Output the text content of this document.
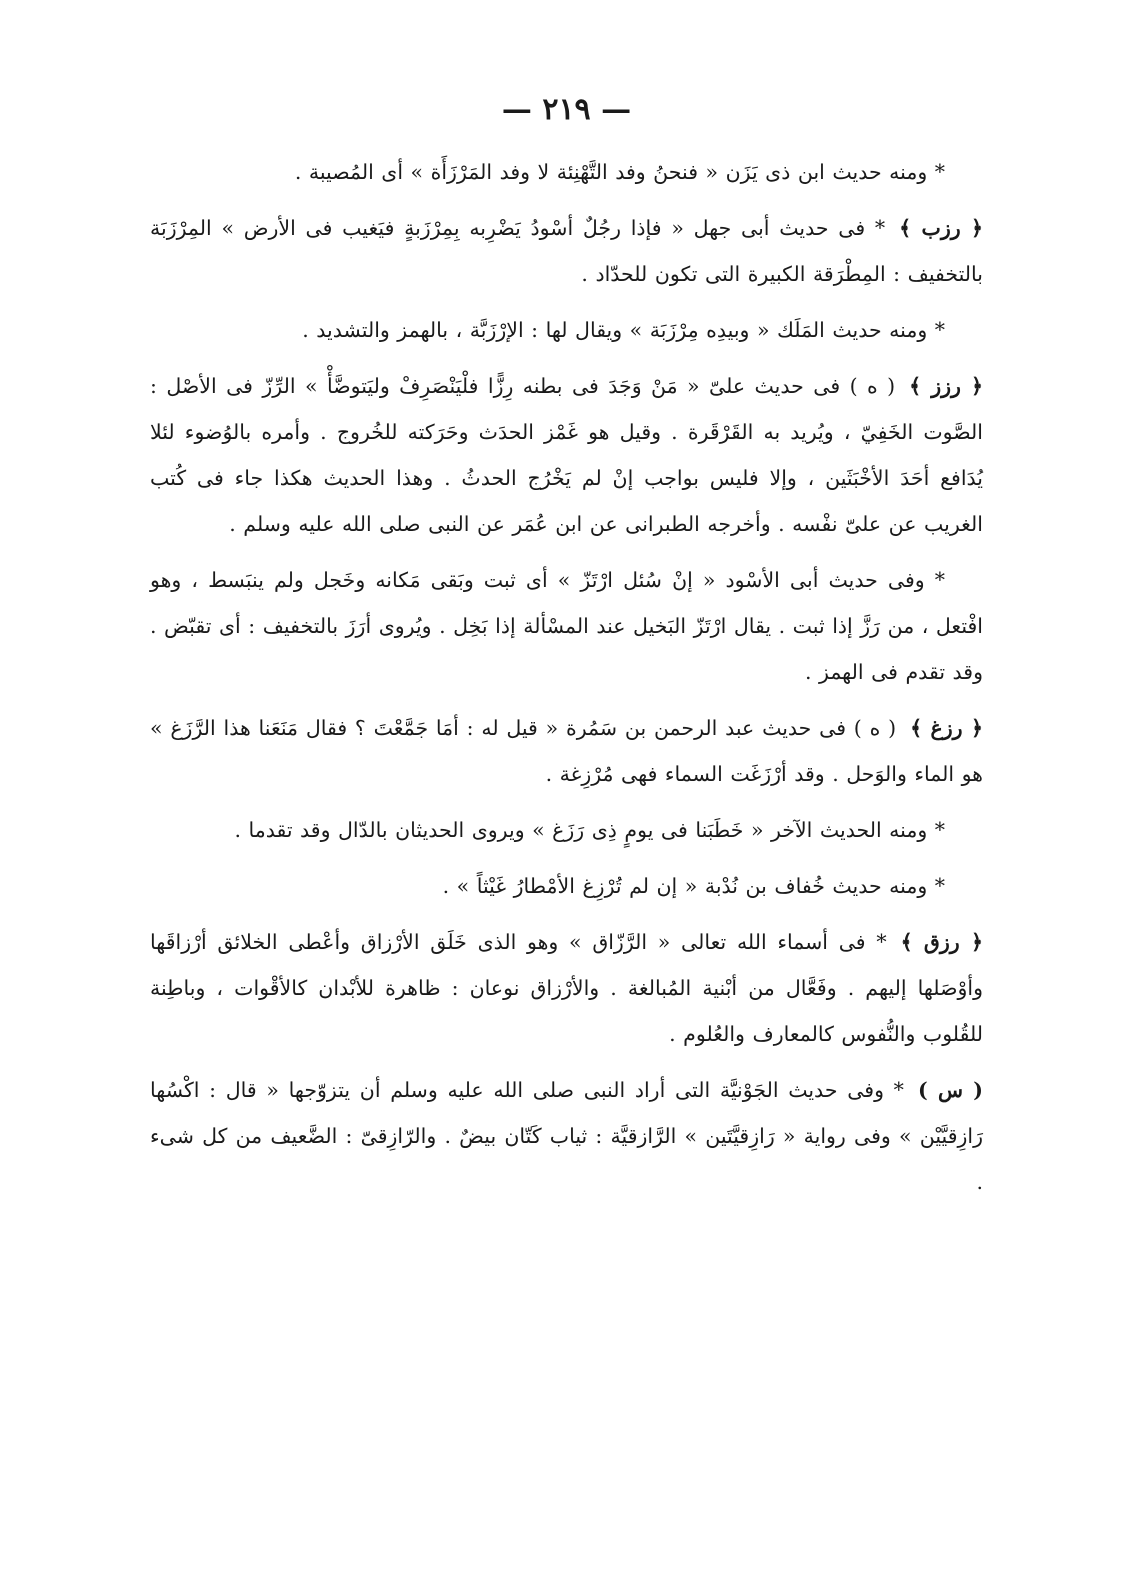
— ٢١٩ —

* ومنه حديث ابن ذى يَزَن « فنحنُ وفد التَّهْنِئة لا وفد المَرْزَأَة » أى المُصيبة .

﴿ رزب ﴾* فى حديث أبى جهل « فإذا رجُلٌ أسْودُ يَضْرِبه بِمِرْزَبةٍ فيَغيب فى الأرض » المِرْزَبَة بالتخفيف : المِطْرَقة الكبيرة التى تكون للحدّاد .

* ومنه حديث المَلَك « وبيدِه مِرْزَبَة » ويقال لها : الإرْزَبَّة ، بالهمز والتشديد .

﴿ رزز ﴾( ه ) فى حديث علىّ « مَنْ وَجَدَ فى بطنه رِزًّا فلْيَنْصَرِفْ وليَتوضَّأْ » الرِّزّ فى الأصْل : الصَّوت الخَفِيّ ، ويُريد به القَرْقَرة . وقيل هو غَمْز الحدَث وحَرَكته للخُروج . وأمره بالوُضوء لئلا يُدَافع أحَدَ الأخْبَثَين ، وإلا فليس بواجب إنْ لم يَخْرُج الحدثُ . وهذا الحديث هكذا جاء فى كُتب الغريب عن علىّ نفْسه . وأخرجه الطبرانى عن ابن عُمَر عن النبى صلى الله عليه وسلم .

* وفى حديث أبى الأسْود « إنْ سُئل ارْتَزّ » أى ثبت وبَقى مَكانه وخَجل ولم ينبَسط ، وهو افْتعل ، من رَزَّ إذا ثبت . يقال ارْتَزّ البَخيل عند المسْألة إذا بَخِل . ويُروى أرَزَ بالتخفيف : أى تقبّض . وقد تقدم فى الهمز .

﴿ رزغ ﴾( ه ) فى حديث عبد الرحمن بن سَمُرة « قيل له : أمَا جَمَّعْتَ ؟ فقال مَنَعَنا هذا الرَّزَغ » هو الماء والوَحل . وقد أرْزَغَت السماء فهى مُرْزِغة .

* ومنه الحديث الآخر « خَطَبَنا فى يومٍ ذِى رَزَغ » ويروى الحديثان بالدّال وقد تقدما .

* ومنه حديث خُفاف بن نُدْبة « إن لم تُرْزِغ الأمْطارُ غَيْثاً » .

﴿ رزق ﴾* فى أسماء الله تعالى « الرَّزّاق » وهو الذى خَلَق الأرْزاق وأعْطى الخلائق أرْزاقَها وأوْصَلها إليهم . وفَعَّال من أبْنية المُبالغة . والأرْزاق نوعان : ظاهرة للأبْدان كالأقْوات ، وباطِنة للقُلوب والنُّفوس كالمعارف والعُلوم .

( س )* وفى حديث الجَوْنيَّة التى أراد النبى صلى الله عليه وسلم أن يتزوّجها « قال : اكْسُها رَازِقيَّيْن » وفى رواية « رَازِقيَّتَين » الرَّازقيَّة : ثياب كَتّان بيضٌ . والرّازِقىّ : الضَّعيف من كل شىء .
